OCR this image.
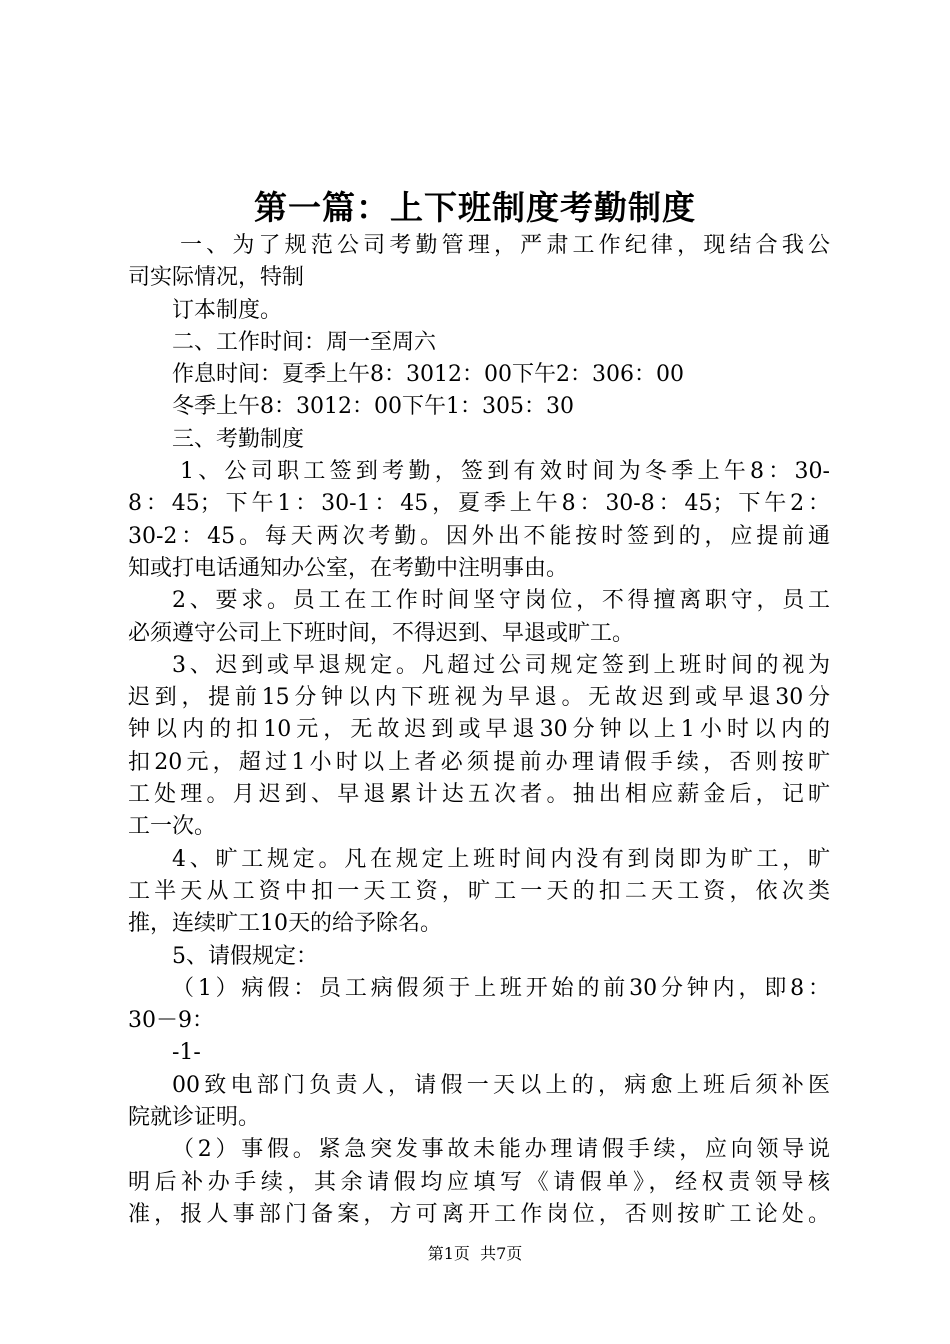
第一篇：上下班制度考勤制度
一、为了规范公司考勤管理，严肃工作纪律，现结合我公
司实际情况，特制
订本制度。
二、工作时间：周一至周六
作息时间：夏季上午8：3012：00下午2：306：00
冬季上午8：3012：00下午1：305：30
三、考勤制度
1、公司职工签到考勤，签到有效时间为冬季上午8：30-
8：45；下午1：30-1：45，夏季上午8：30-8：45；下午2：
30-2：45。每天两次考勤。因外出不能按时签到的，应提前通
知或打电话通知办公室，在考勤中注明事由。
2、要求。员工在工作时间坚守岗位，不得擅离职守，员工
必须遵守公司上下班时间，不得迟到、早退或旷工。
3、迟到或早退规定。凡超过公司规定签到上班时间的视为
迟到，提前15分钟以内下班视为早退。无故迟到或早退30分
钟以内的扣10元，无故迟到或早退30分钟以上1小时以内的
扣20元，超过1小时以上者必须提前办理请假手续，否则按旷
工处理。月迟到、早退累计达五次者。抽出相应薪金后，记旷
工一次。
4、旷工规定。凡在规定上班时间内没有到岗即为旷工，旷
工半天从工资中扣一天工资，旷工一天的扣二天工资，依次类
推，连续旷工10天的给予除名。
5、请假规定：
（1）病假：员工病假须于上班开始的前30分钟内，即8：
30－9：
-1-
00致电部门负责人，请假一天以上的，病愈上班后须补医
院就诊证明。
（2）事假。紧急突发事故未能办理请假手续，应向领导说
明后补办手续，其余请假均应填写《请假单》，经权责领导核
准，报人事部门备案，方可离开工作岗位，否则按旷工论处。
第1页  共7页
